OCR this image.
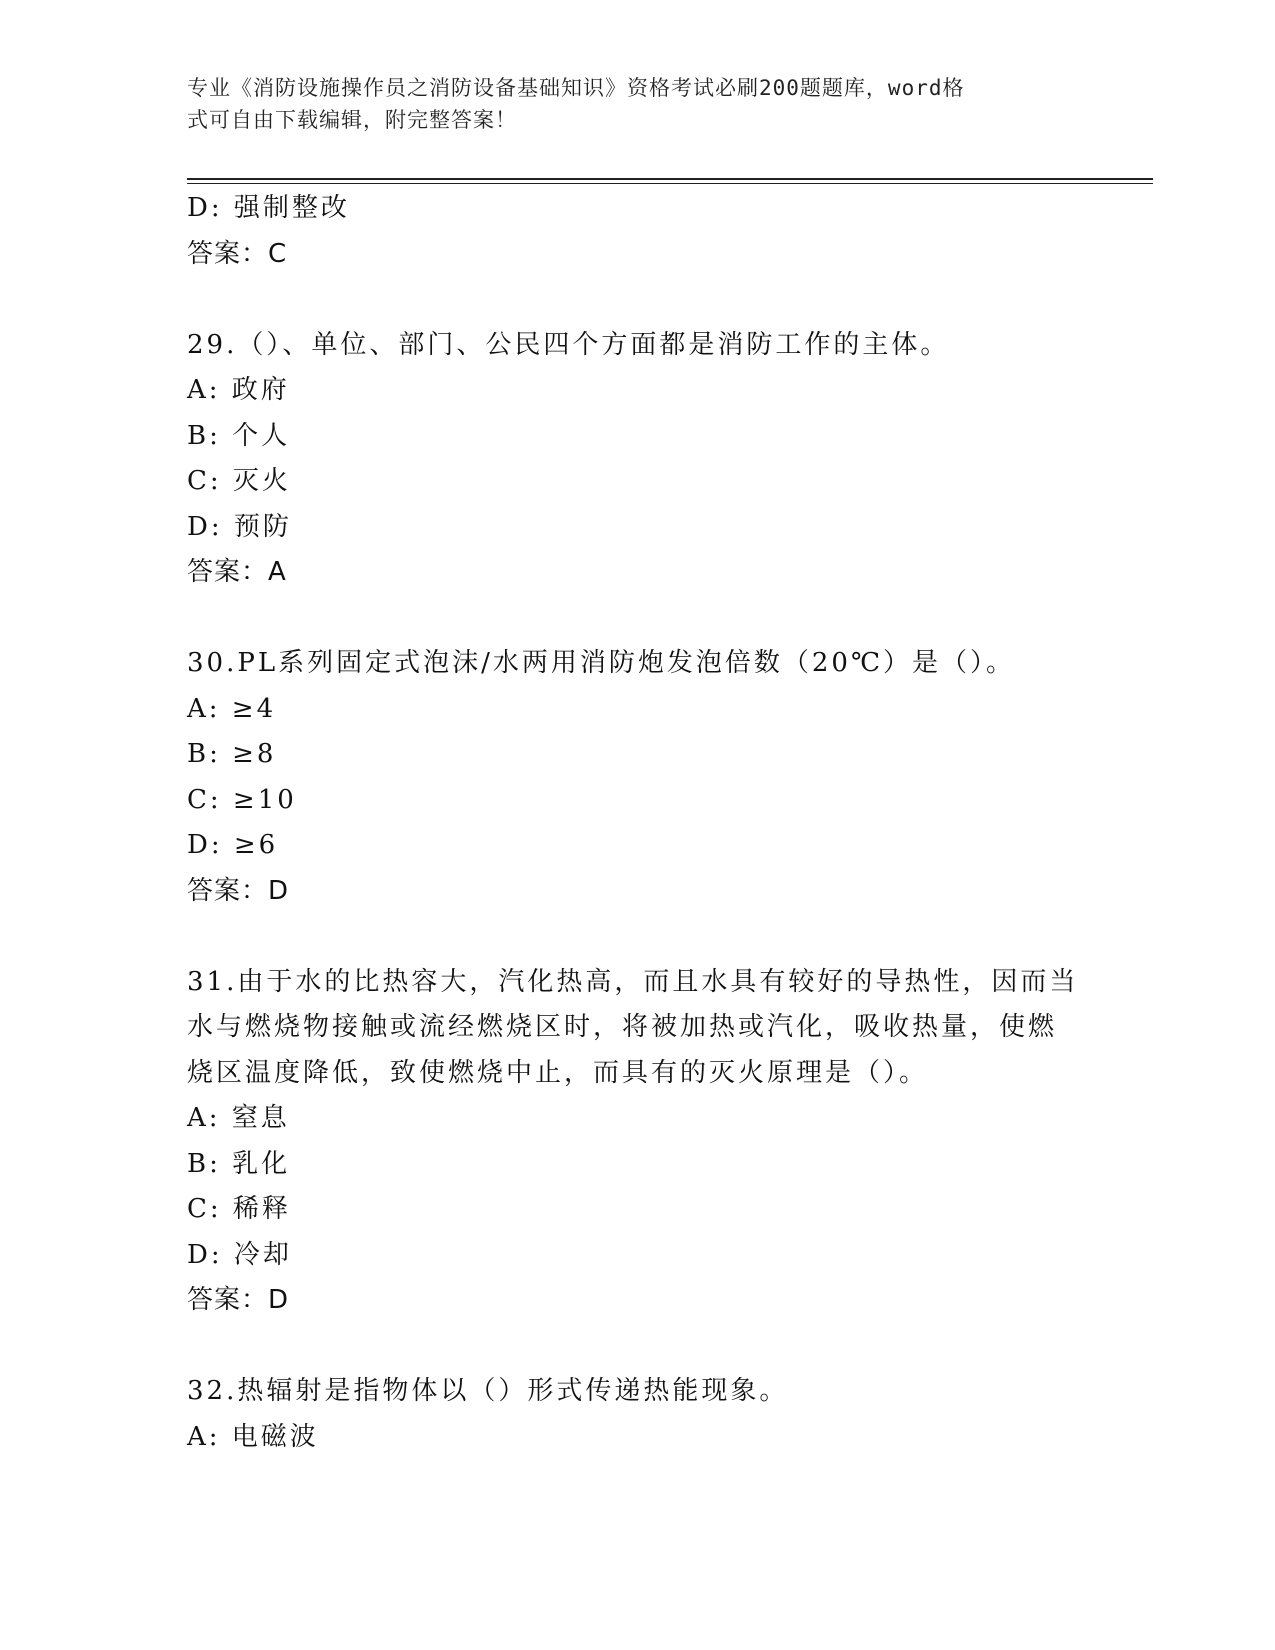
专业《消防设施操作员之消防设备基础知识》资格考试必刷200题题库，word格
式可自由下载编辑，附完整答案！
D: 强制整改
答案：C
29.（）、单位、部门、公民四个方面都是消防工作的主体。
A: 政府
B: 个人
C: 灭火
D: 预防
答案：A
30.PL系列固定式泡沫/水两用消防炮发泡倍数（20℃）是（）。
A: ≥4
B: ≥8
C: ≥10
D: ≥6
答案：D
31.由于水的比热容大，汽化热高，而且水具有较好的导热性，因而当
水与燃烧物接触或流经燃烧区时，将被加热或汽化，吸收热量，使燃
烧区温度降低，致使燃烧中止，而具有的灭火原理是（）。
A: 窒息
B: 乳化
C: 稀释
D: 冷却
答案：D
32.热辐射是指物体以（）形式传递热能现象。
A: 电磁波
